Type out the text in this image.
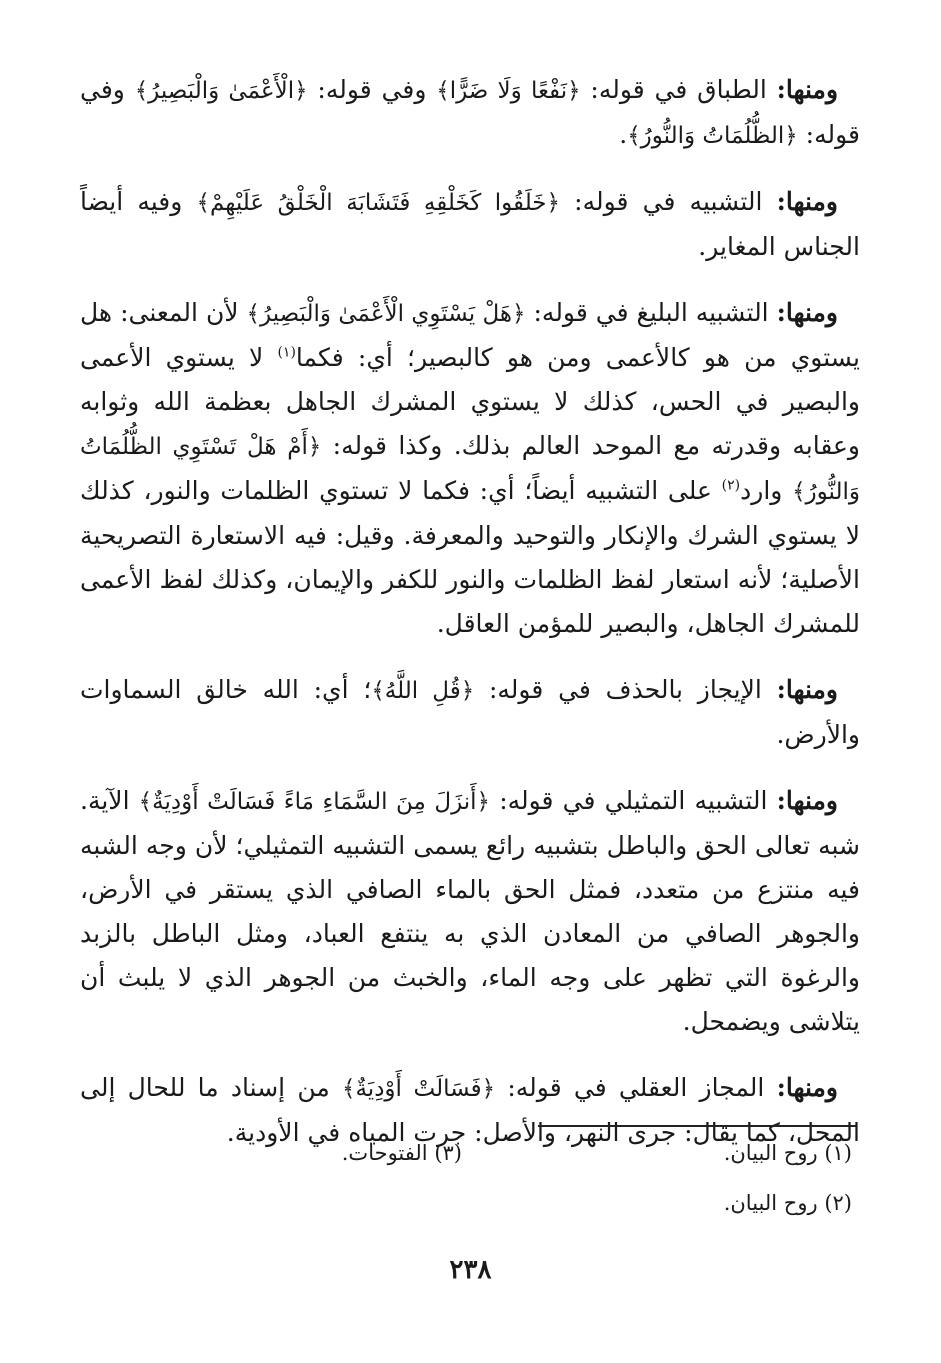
ومنها: الطباق في قوله: ﴿نَفْعًا وَلَا ضَرًّا﴾ وفي قوله: ﴿الْأَعْمَىٰ وَالْبَصِيرُ﴾ وفي قوله: ﴿الظُّلُمَاتُ وَالنُّورُ﴾.

ومنها: التشبيه في قوله: ﴿خَلَقُوا كَخَلْقِهِ فَتَشَابَهَ الْخَلْقُ عَلَيْهِمْ﴾ وفيه أيضاً الجناس المغاير.

ومنها: التشبيه البليغ في قوله: ﴿هَلْ يَسْتَوِي الْأَعْمَىٰ وَالْبَصِيرُ﴾ لأن المعنى: هل يستوي من هو كالأعمى ومن هو كالبصير؛ أي: فكما$^{(١)}$ لا يستوي الأعمى والبصير في الحس، كذلك لا يستوي المشرك الجاهل بعظمة الله وثوابه وعقابه وقدرته مع الموحد العالم بذلك. وكذا قوله: ﴿أَمْ هَلْ تَسْتَوِي الظُّلُمَاتُ وَالنُّورُ﴾ وارد$^{(٢)}$ على التشبيه أيضاً؛ أي: فكما لا تستوي الظلمات والنور، كذلك لا يستوي الشرك والإنكار والتوحيد والمعرفة. وقيل: فيه الاستعارة التصريحية الأصلية؛ لأنه استعار لفظ الظلمات والنور للكفر والإيمان، وكذلك لفظ الأعمى للمشرك الجاهل، والبصير للمؤمن العاقل.

ومنها: الإيجاز بالحذف في قوله: ﴿قُلِ اللَّهُ﴾؛ أي: الله خالق السماوات والأرض.

ومنها: التشبيه التمثيلي في قوله: ﴿أَنزَلَ مِنَ السَّمَاءِ مَاءً فَسَالَتْ أَوْدِيَةٌ﴾ الآية. شبه تعالى الحق والباطل بتشبيه رائع يسمى التشبيه التمثيلي؛ لأن وجه الشبه فيه منتزع من متعدد، فمثل الحق بالماء الصافي الذي يستقر في الأرض، والجوهر الصافي من المعادن الذي به ينتفع العباد، ومثل الباطل بالزبد والرغوة التي تظهر على وجه الماء، والخبث من الجوهر الذي لا يلبث أن يتلاشى ويضمحل.

ومنها: المجاز العقلي في قوله: ﴿فَسَالَتْ أَوْدِيَةٌ﴾ من إسناد ما للحال إلى المحل، كما يقال: جرى النهر، والأصل: جرت المياه في الأودية.

(١) روح البيان.
(٣) الفتوحات.
(٢) روح البيان.
٢٣٨
